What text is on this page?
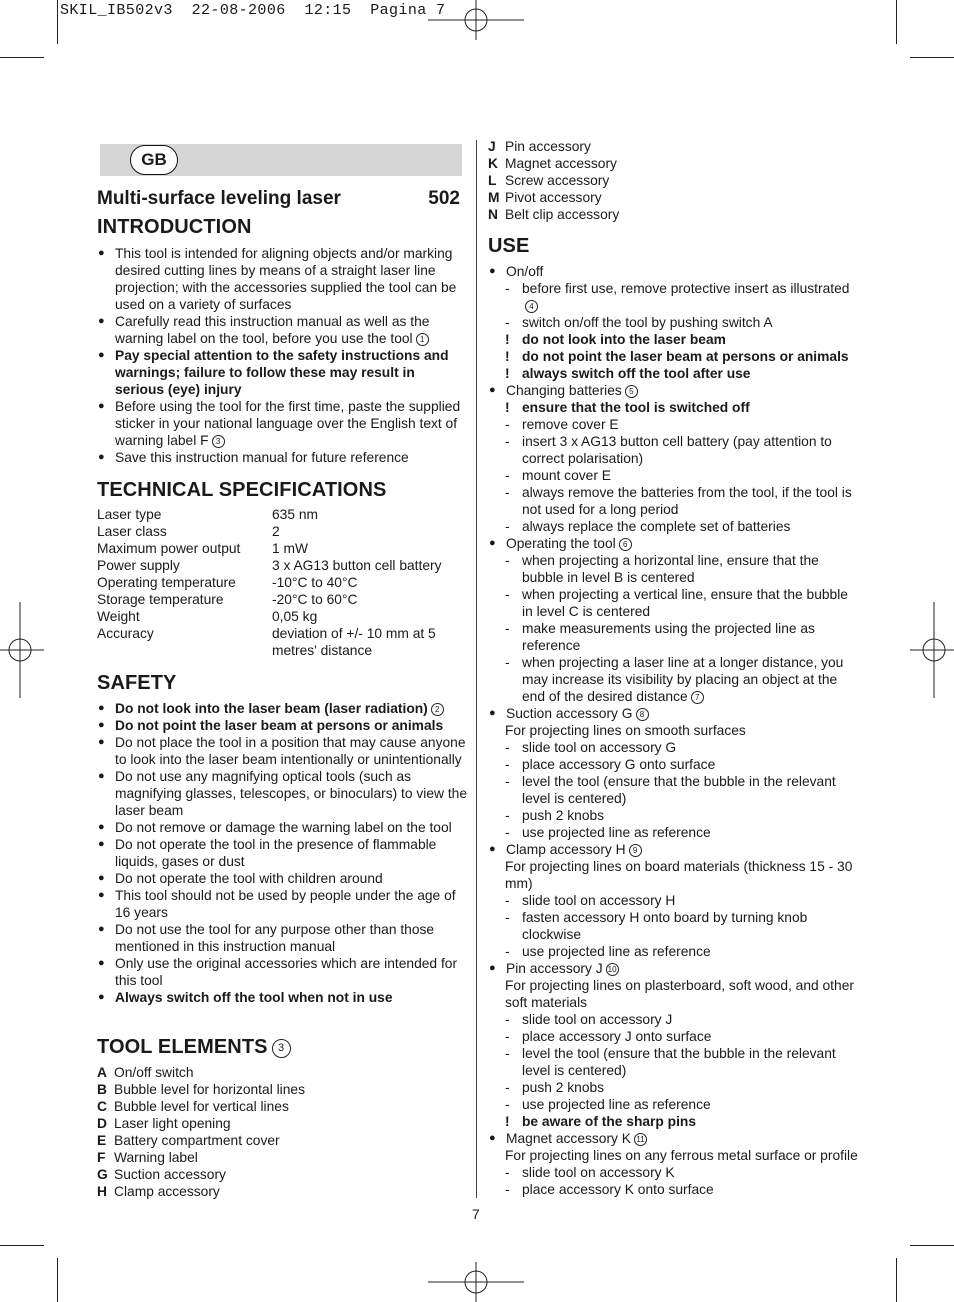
SKIL_IB502v3  22-08-2006  12:15  Pagina 7
GB
Multi-surface leveling laser	502
INTRODUCTION
● This tool is intended for aligning objects and/or marking desired cutting lines by means of a straight laser line projection; with the accessories supplied the tool can be used on a variety of surfaces
● Carefully read this instruction manual as well as the warning label on the tool, before you use the tool 1
● Pay special attention to the safety instructions and warnings; failure to follow these may result in serious (eye) injury
● Before using the tool for the first time, paste the supplied sticker in your national language over the English text of warning label F 3
● Save this instruction manual for future reference
TECHNICAL SPECIFICATIONS
Laser type	635 nm
Laser class	2
Maximum power output	1 mW
Power supply	3 x AG13 button cell battery
Operating temperature	-10°C to 40°C
Storage temperature	-20°C to 60°C
Weight	0,05 kg
Accuracy	deviation of +/- 10 mm at 5 metres' distance
SAFETY
● Do not look into the laser beam (laser radiation) 2
● Do not point the laser beam at persons or animals
● Do not place the tool in a position that may cause anyone to look into the laser beam intentionally or unintentionally
● Do not use any magnifying optical tools (such as magnifying glasses, telescopes, or binoculars) to view the laser beam
● Do not remove or damage the warning label on the tool
● Do not operate the tool in the presence of flammable liquids, gases or dust
● Do not operate the tool with children around
● This tool should not be used by people under the age of 16 years
● Do not use the tool for any purpose other than those mentioned in this instruction manual
● Only use the original accessories which are intended for this tool
● Always switch off the tool when not in use
TOOL ELEMENTS 3
A On/off switch
B Bubble level for horizontal lines
C Bubble level for vertical lines
D Laser light opening
E Battery compartment cover
F Warning label
G Suction accessory
H Clamp accessory
J Pin accessory
K Magnet accessory
L Screw accessory
M Pivot accessory
N Belt clip accessory
USE
● On/off
- before first use, remove protective insert as illustrated4
- switch on/off the tool by pushing switch A
! do not look into the laser beam
! do not point the laser beam at persons or animals
! always switch off the tool after use
● Changing batteries 5
! ensure that the tool is switched off
- remove cover E
- insert 3 x AG13 button cell battery (pay attention to correct polarisation)
- mount cover E
- always remove the batteries from the tool, if the tool is not used for a long period
- always replace the complete set of batteries
● Operating the tool 6
- when projecting a horizontal line, ensure that the bubble in level B is centered
- when projecting a vertical line, ensure that the bubble in level C is centered
- make measurements using the projected line as reference
- when projecting a laser line at a longer distance, you may increase its visibility by placing an object at the end of the desired distance 7
● Suction accessory G 8
For projecting lines on smooth surfaces
- slide tool on accessory G
- place accessory G onto surface
- level the tool (ensure that the bubble in the relevant level is centered)
- push 2 knobs
- use projected line as reference
● Clamp accessory H 9
For projecting lines on board materials (thickness 15 - 30 mm)
- slide tool on accessory H
- fasten accessory H onto board by turning knob clockwise
- use projected line as reference
● Pin accessory J 10
For projecting lines on plasterboard, soft wood, and other soft materials
- slide tool on accessory J
- place accessory J onto surface
- level the tool (ensure that the bubble in the relevant level is centered)
- push 2 knobs
- use projected line as reference
! be aware of the sharp pins
● Magnet accessory K 11
For projecting lines on any ferrous metal surface or profile
- slide tool on accessory K
- place accessory K onto surface
7
